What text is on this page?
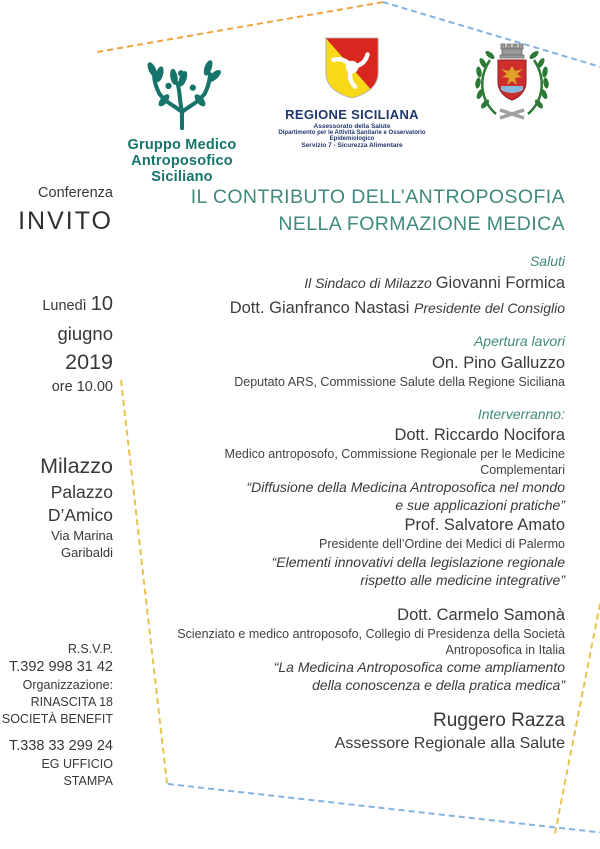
Gruppo Medico
Antroposofico
Siciliano
REGIONE SICILIANA
Assessorato della Salute
Dipartimento per le Attività Sanitarie e Osservatorio Epidemiologico
Servizio 7 - Sicurezza Alimentare
Conferenza
INVITO
Lunedì 10
giugno
2019
ore 10.00
Milazzo
Palazzo
D’Amico
Via Marina
Garibaldi
R.S.V.P.
T.392 998 31 42
Organizzazione:
RINASCITA 18
SOCIETÀ BENEFIT
T.338 33 299 24
EG UFFICIO
STAMPA
IL CONTRIBUTO DELL’ANTROPOSOFIA
NELLA FORMAZIONE MEDICA
Saluti
Il Sindaco di Milazzo Giovanni Formica
Dott. Gianfranco Nastasi Presidente del Consiglio
Apertura lavori
On. Pino Galluzzo
Deputato ARS, Commissione Salute della Regione Siciliana
Interverranno:
Dott. Riccardo Nocifora
Medico antroposofo, Commissione Regionale per le Medicine Complementari
“Diffusione della Medicina Antroposofica nel mondo
e sue applicazioni pratiche”
Prof. Salvatore Amato
Presidente dell’Ordine dei Medici di Palermo
“Elementi innovativi della legislazione regionale
rispetto alle medicine integrative”
Dott. Carmelo Samonà
Scienziato e medico antroposofo, Collegio di Presidenza della Società
Antroposofica in Italia
“La Medicina Antroposofica come ampliamento
della conoscenza e della pratica medica”
Ruggero Razza
Assessore Regionale alla Salute
